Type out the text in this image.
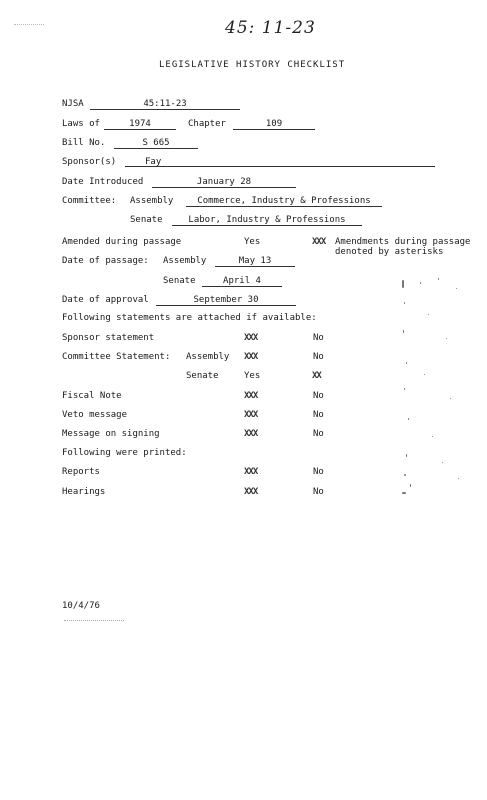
45: 11-23
LEGISLATIVE HISTORY CHECKLIST
NJSA	45:11-23
Laws of	1974	Chapter	109
Bill No.	S 665
Sponsor(s)	Fay
Date Introduced	January 28
Committee: Assembly	Commerce, Industry & Professions
Senate	Labor, Industry & Professions
Amended during passage	Yes	XXX Amendments during passage
denoted by asterisks
Date of passage: Assembly	May 13
Senate	April 4
Date of approval	September 30
Following statements are attached if available:
Sponsor statement	XXX	No
Committee Statement: Assembly XXX	No
Senate	Yes	XX
Fiscal Note	XXX	No
Veto message	XXX	No
Message on signing	XXX	No
Following were printed:
Reports	XXX	No
Hearings	XXX	No
10/4/76
